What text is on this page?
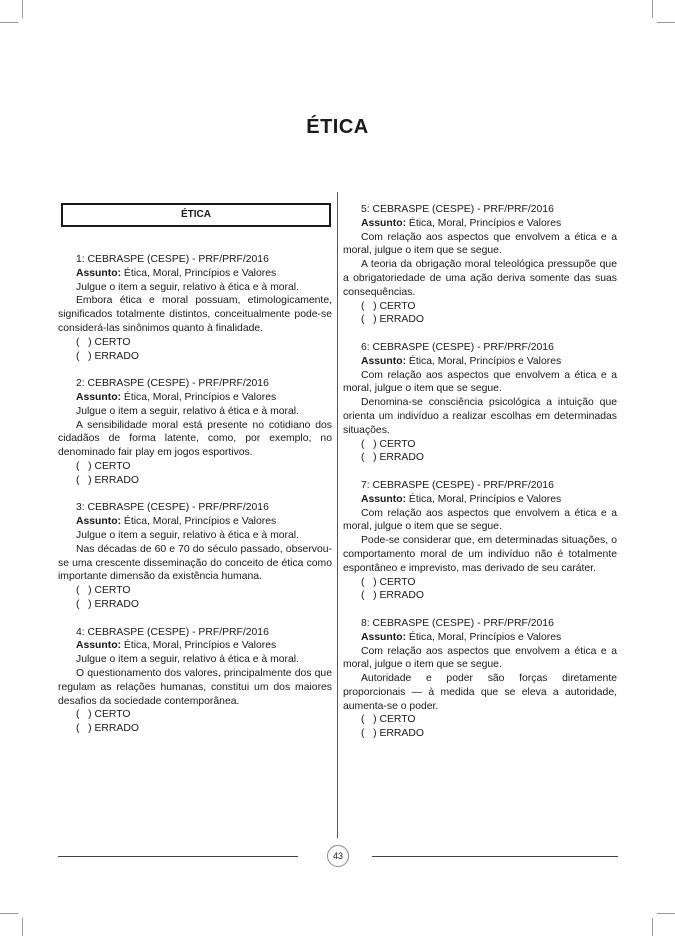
ÉTICA
ÉTICA

1: CEBRASPE (CESPE) - PRF/PRF/2016

Assunto: Ética, Moral, Princípios e Valores

Julgue o item a seguir, relativo à ética e à moral.

Embora ética e moral possuam, etimologicamente, significados totalmente distintos, conceitualmente pode-se considerá-las sinônimos quanto à finalidade.

(   ) CERTO

(   ) ERRADO

2: CEBRASPE (CESPE) - PRF/PRF/2016

Assunto: Ética, Moral, Princípios e Valores

Julgue o item a seguir, relativo à ética e à moral.

A sensibilidade moral está presente no cotidiano dos cidadãos de forma latente, como, por exemplo, no denominado fair play em jogos esportivos.

(   ) CERTO

(   ) ERRADO

3: CEBRASPE (CESPE) - PRF/PRF/2016

Assunto: Ética, Moral, Princípios e Valores

Julgue o item a seguir, relativo à ética e à moral.

Nas décadas de 60 e 70 do século passado, observou-se uma crescente disseminação do conceito de ética como importante dimensão da existência humana.

(   ) CERTO

(   ) ERRADO

4: CEBRASPE (CESPE) - PRF/PRF/2016

Assunto: Ética, Moral, Princípios e Valores

Julgue o item a seguir, relativo à ética e à moral.

O questionamento dos valores, principalmente dos que regulam as relações humanas, constitui um dos maiores desafios da sociedade contemporânea.

(   ) CERTO

(   ) ERRADO

5: CEBRASPE (CESPE) - PRF/PRF/2016

Assunto: Ética, Moral, Princípios e Valores

Com relação aos aspectos que envolvem a ética e a moral, julgue o item que se segue.

A teoria da obrigação moral teleológica pressupõe que a obrigatoriedade de uma ação deriva somente das suas consequências.

(   ) CERTO

(   ) ERRADO

6: CEBRASPE (CESPE) - PRF/PRF/2016

Assunto: Ética, Moral, Princípios e Valores

Com relação aos aspectos que envolvem a ética e a moral, julgue o item que se segue.

Denomina-se consciência psicológica a intuição que orienta um indivíduo a realizar escolhas em determinadas situações.

(   ) CERTO

(   ) ERRADO

7: CEBRASPE (CESPE) - PRF/PRF/2016

Assunto: Ética, Moral, Princípios e Valores

Com relação aos aspectos que envolvem a ética e a moral, julgue o item que se segue.

Pode-se considerar que, em determinadas situações, o comportamento moral de um indivíduo não é totalmente espontâneo e imprevisto, mas derivado de seu caráter.

(   ) CERTO

(   ) ERRADO

8: CEBRASPE (CESPE) - PRF/PRF/2016

Assunto: Ética, Moral, Princípios e Valores

Com relação aos aspectos que envolvem a ética e a moral, julgue o item que se segue.

Autoridade e poder são forças diretamente proporcionais — à medida que se eleva a autoridade, aumenta-se o poder.

(   ) CERTO

(   ) ERRADO

43
